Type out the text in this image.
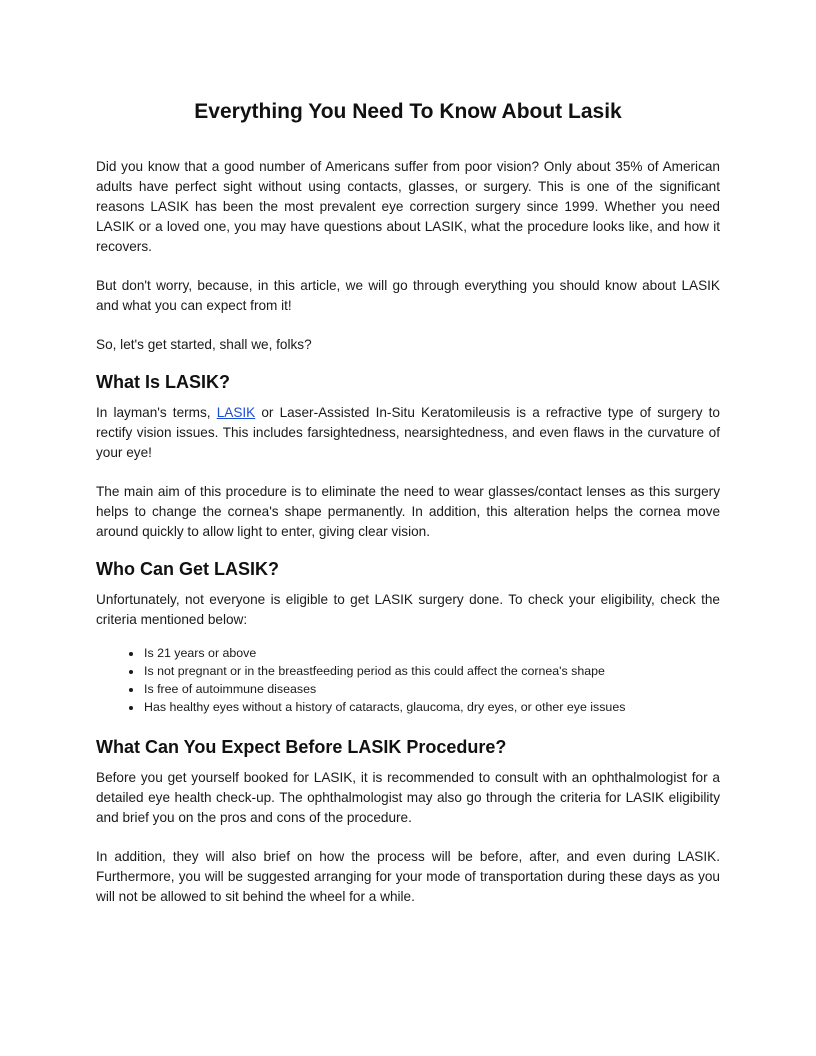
Everything You Need To Know About Lasik

Did you know that a good number of Americans suffer from poor vision? Only about 35% of American adults have perfect sight without using contacts, glasses, or surgery. This is one of the significant reasons LASIK has been the most prevalent eye correction surgery since 1999. Whether you need LASIK or a loved one, you may have questions about LASIK, what the procedure looks like, and how it recovers.

But don't worry, because, in this article, we will go through everything you should know about LASIK and what you can expect from it!

So, let's get started, shall we, folks?

What Is LASIK?

In layman's terms, LASIK or Laser-Assisted In-Situ Keratomileusis is a refractive type of surgery to rectify vision issues. This includes farsightedness, nearsightedness, and even flaws in the curvature of your eye!

The main aim of this procedure is to eliminate the need to wear glasses/contact lenses as this surgery helps to change the cornea's shape permanently. In addition, this alteration helps the cornea move around quickly to allow light to enter, giving clear vision.

Who Can Get LASIK?

Unfortunately, not everyone is eligible to get LASIK surgery done. To check your eligibility, check the criteria mentioned below:

• Is 21 years or above
• Is not pregnant or in the breastfeeding period as this could affect the cornea's shape
• Is free of autoimmune diseases
• Has healthy eyes without a history of cataracts, glaucoma, dry eyes, or other eye issues
What Can You Expect Before LASIK Procedure?

Before you get yourself booked for LASIK, it is recommended to consult with an ophthalmologist for a detailed eye health check-up. The ophthalmologist may also go through the criteria for LASIK eligibility and brief you on the pros and cons of the procedure.

In addition, they will also brief on how the process will be before, after, and even during LASIK. Furthermore, you will be suggested arranging for your mode of transportation during these days as you will not be allowed to sit behind the wheel for a while.
